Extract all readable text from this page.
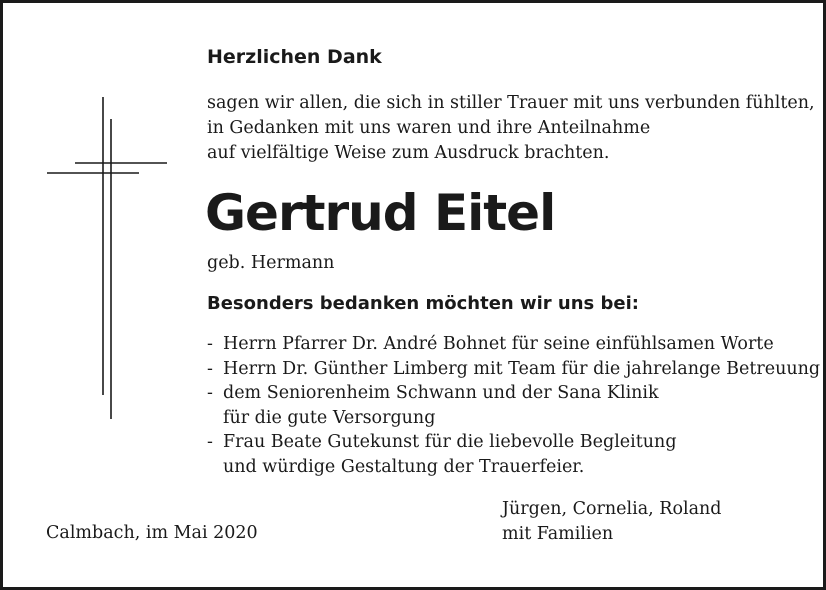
Herzlichen Dank
sagen wir allen, die sich in stiller Trauer mit uns verbunden fühlten,
in Gedanken mit uns waren und ihre Anteilnahme
auf vielfältige Weise zum Ausdruck brachten.
Gertrud Eitel
geb. Hermann
Besonders bedanken möchten wir uns bei:
- Herrn Pfarrer Dr. André Bohnet für seine einfühlsamen Worte
- Herrn Dr. Günther Limberg mit Team für die jahrelange Betreuung
- dem Seniorenheim Schwann und der Sana Klinik
für die gute Versorgung
- Frau Beate Gutekunst für die liebevolle Begleitung
und würdige Gestaltung der Trauerfeier.
Calmbach, im Mai 2020
Jürgen, Cornelia, Roland
mit Familien
